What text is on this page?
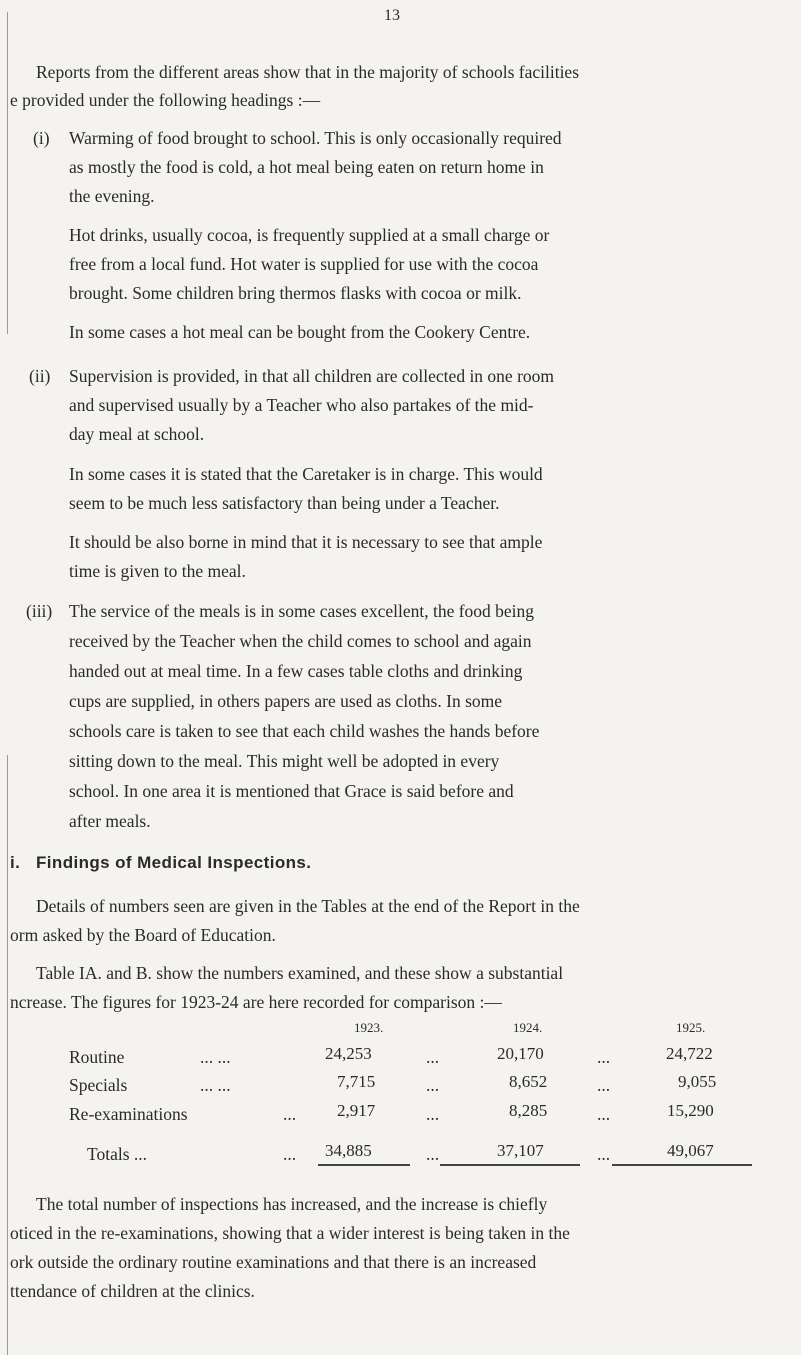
13
Reports from the different areas show that in the majority of schools facilities
e provided under the following headings :—
(i) Warming of food brought to school. This is only occasionally required
as mostly the food is cold, a hot meal being eaten on return home in
the evening.
Hot drinks, usually cocoa, is frequently supplied at a small charge or
free from a local fund. Hot water is supplied for use with the cocoa
brought. Some children bring thermos flasks with cocoa or milk.
In some cases a hot meal can be bought from the Cookery Centre.
(ii) Supervision is provided, in that all children are collected in one room
and supervised usually by a Teacher who also partakes of the mid-
day meal at school.
In some cases it is stated that the Caretaker is in charge. This would
seem to be much less satisfactory than being under a Teacher.
It should be also borne in mind that it is necessary to see that ample
time is given to the meal.
(iii) The service of the meals is in some cases excellent, the food being
received by the Teacher when the child comes to school and again
handed out at meal time. In a few cases table cloths and drinking
cups are supplied, in others papers are used as cloths. In some
schools care is taken to see that each child washes the hands before
sitting down to the meal. This might well be adopted in every
school. In one area it is mentioned that Grace is said before and
after meals.
i. Findings of Medical Inspections.
Details of numbers seen are given in the Tables at the end of the Report in the
orm asked by the Board of Education.
Table IA. and B. show the numbers examined, and these show a substantial
ncrease. The figures for 1923-24 are here recorded for comparison :—
1923.	1924.	1925.
Routine	... ...	24,253	...	20,170	...	24,722
Specials	... ...	7,715	...	8,652	...	9,055
Re-examinations	... 2,917	...	8,285	...	15,290
Totals ...	... 34,885	...	37,107	...	49,067
The total number of inspections has increased, and the increase is chiefly
oticed in the re-examinations, showing that a wider interest is being taken in the
ork outside the ordinary routine examinations and that there is an increased
ttendance of children at the clinics.
